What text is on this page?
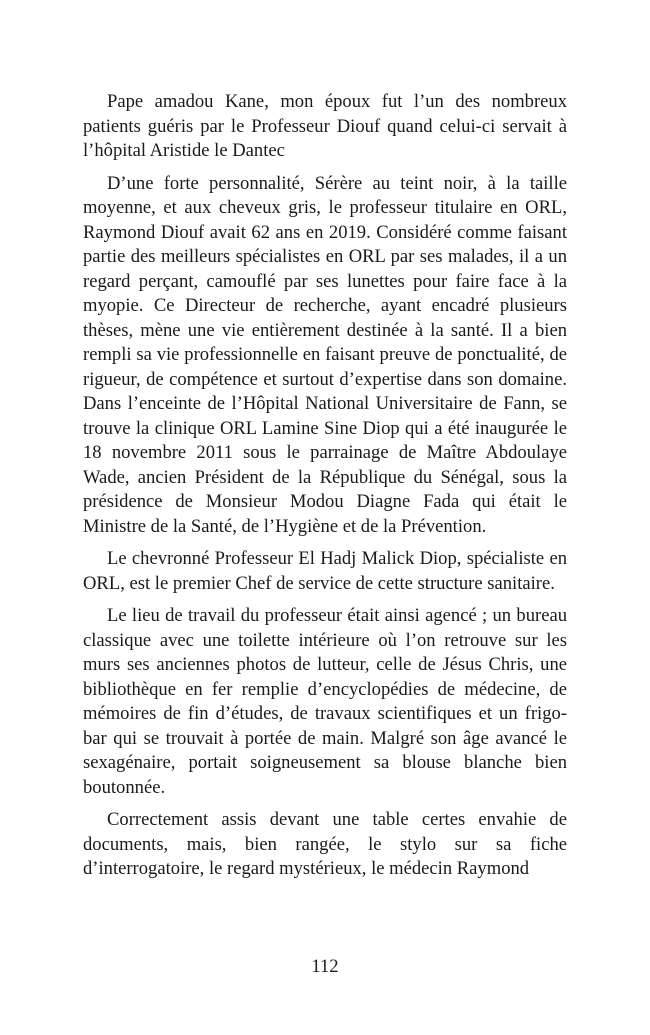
Pape amadou Kane, mon époux fut l’un des nombreux patients guéris par le Professeur Diouf quand celui-ci servait à l’hôpital Aristide le Dantec

D’une forte personnalité, Sérère au teint noir, à la taille moyenne, et aux cheveux gris, le professeur titulaire en ORL, Raymond Diouf avait 62 ans en 2019. Considéré comme faisant partie des meilleurs spécialistes en ORL par ses malades, il a un regard perçant, camouflé par ses lunettes pour faire face à la myopie. Ce Directeur de recherche, ayant encadré plusieurs thèses, mène une vie entièrement destinée à la santé. Il a bien rempli sa vie professionnelle en faisant preuve de ponctualité, de rigueur, de compétence et surtout d’expertise dans son domaine. Dans l’enceinte de l’Hôpital National Universitaire de Fann, se trouve la clinique ORL Lamine Sine Diop qui a été inaugurée le 18 novembre 2011 sous le parrainage de Maître Abdoulaye Wade, ancien Président de la République du Sénégal, sous la présidence de Monsieur Modou Diagne Fada qui était le Ministre de la Santé, de l’Hygiène et de la Prévention.

Le chevronné Professeur El Hadj Malick Diop, spécialiste en ORL, est le premier Chef de service de cette structure sanitaire.

Le lieu de travail du professeur était ainsi agencé ; un bureau classique avec une toilette intérieure où l’on retrouve sur les murs ses anciennes photos de lutteur, celle de Jésus Chris, une bibliothèque en fer remplie d’encyclopédies de médecine, de mémoires de fin d’études, de travaux scientifiques et un frigo-bar qui se trouvait à portée de main. Malgré son âge avancé le sexagénaire, portait soigneusement sa blouse blanche bien boutonnée.

Correctement assis devant une table certes envahie de documents, mais, bien rangée, le stylo sur sa fiche d’interrogatoire, le regard mystérieux, le médecin Raymond

112
